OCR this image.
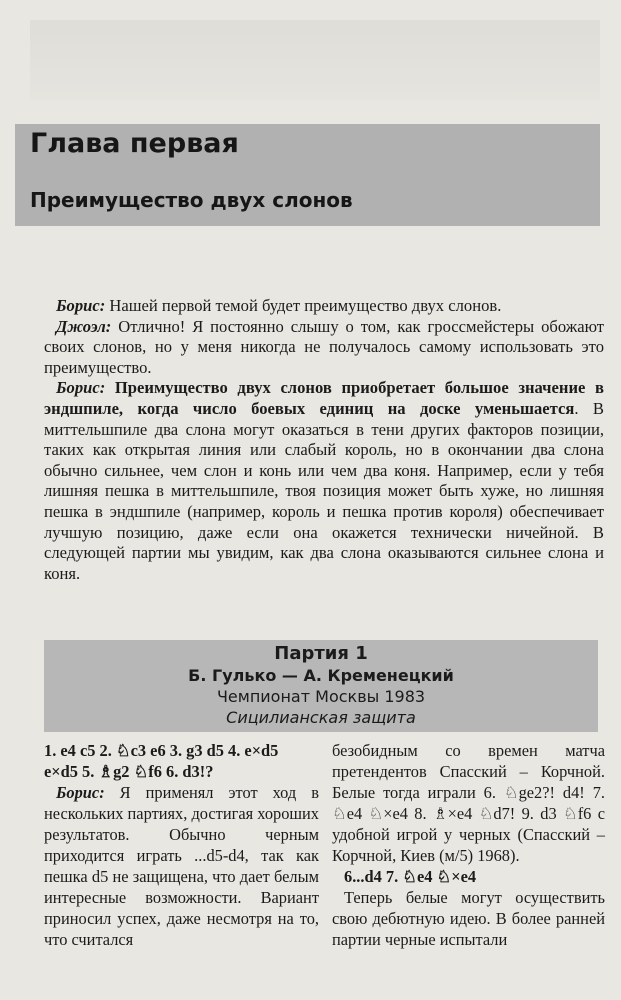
Глава первая
Преимущество двух слонов

Борис: Нашей первой темой будет преимущество двух слонов.

Джоэл: Отлично! Я постоянно слышу о том, как гроссмейстеры обожают своих слонов, но у меня никогда не получалось самому использовать это преимущество.

Борис: Преимущество двух слонов приобретает большое значение в эндшпиле, когда число боевых единиц на доске уменьшается. В миттельшпиле два слона могут оказаться в тени других факторов позиции, таких как открытая линия или слабый король, но в окончании два слона обычно сильнее, чем слон и конь или чем два коня. Например, если у тебя лишняя пешка в миттельшпиле, твоя позиция может быть хуже, но лишняя пешка в эндшпиле (например, король и пешка против короля) обеспечивает лучшую позицию, даже если она окажется технически ничейной. В следующей партии мы увидим, как два слона оказываются сильнее слона и коня.

Партия 1
Б. Гулько — А. Кременецкий
Чемпионат Москвы 1983
Сицилианская защита

1. e4 c5 2. ♘c3 e6 3. g3 d5 4. e×d5
e×d5 5. ♗g2 ♘f6 6. d3!?

Борис: Я применял этот ход в нескольких партиях, достигая хороших результатов. Обычно черным приходится играть ...d5-d4, так как пешка d5 не защищена, что дает белым интересные возможности. Вариант приносил успех, даже несмотря на то, что считался

безобидным со времен матча претендентов Спасский – Корчной. Белые тогда играли 6. ♘ge2?! d4! 7. ♘e4 ♘×e4 8. ♗×e4 ♘d7! 9. d3 ♘f6 с удобной игрой у черных (Спасский – Корчной, Киев (м/5) 1968).

6...d4 7. ♘e4 ♘×e4

Теперь белые могут осуществить свою дебютную идею. В более ранней партии черные испытали
